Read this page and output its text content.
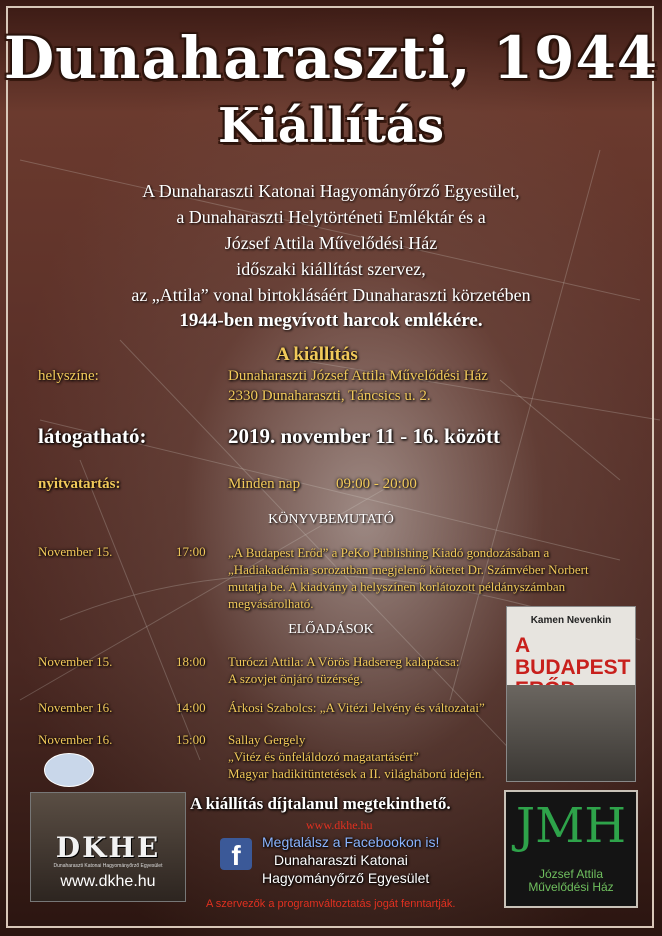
Dunaharaszti, 1944
Kiállítás
A Dunaharaszti Katonai Hagyományőrző Egyesület,
a Dunaharaszti Helytörténeti Emléktár és a
József Attila Művelődési Ház
időszaki kiállítást szervez,
az „Attila” vonal birtoklásáért Dunaharaszti körzetében
1944-ben megvívott harcok emlékére.
A kiállítás
helyszíne:	Dunaharaszti József Attila Művelődési Ház
2330 Dunaharaszti, Táncsics u. 2.
látogatható:	2019. november 11 - 16. között
nyitvatartás:	Minden nap 09:00 - 20:00
KÖNYVBEMUTATÓ
November 15.	17:00 „A Budapest Erőd” a PeKo Publishing Kiadó gondozásában a „Hadiakadémia sorozatban megjelenő kötetet Dr. Számvéber Norbert mutatja be. A kiadvány a helyszínen korlátozott példányszámban megvásárolható.
ELŐADÁSOK
November 15.	18:00 Turóczi Attila: A Vörös Hadsereg kalapácsa:
A szovjet önjáró tüzérség.
November 16.	14:00 Árkosi Szabolcs: „A Vitézi Jelvény és változatai”
November 16.	15:00 Sallay Gergely
„Vitéz és önfeláldozó magatartásért”
Magyar hadikitüntetések a II. világháború idején.
Kamen Nevenkin
A BUDAPEST
A kiállítás díjtalanul megtekinthető.
www.dkhe.hu
f	Megtalálsz a Facebookon is!
Dunaharaszti Katonai
Hagyományőrző Egyesület
A szervezők a programváltoztatás jogát fenntartják.
DKHE
Dunaharaszti Katonai Hagyományőrző Egyesület
www.dkhe.hu
JMH
József Attila
Művelődési Ház
